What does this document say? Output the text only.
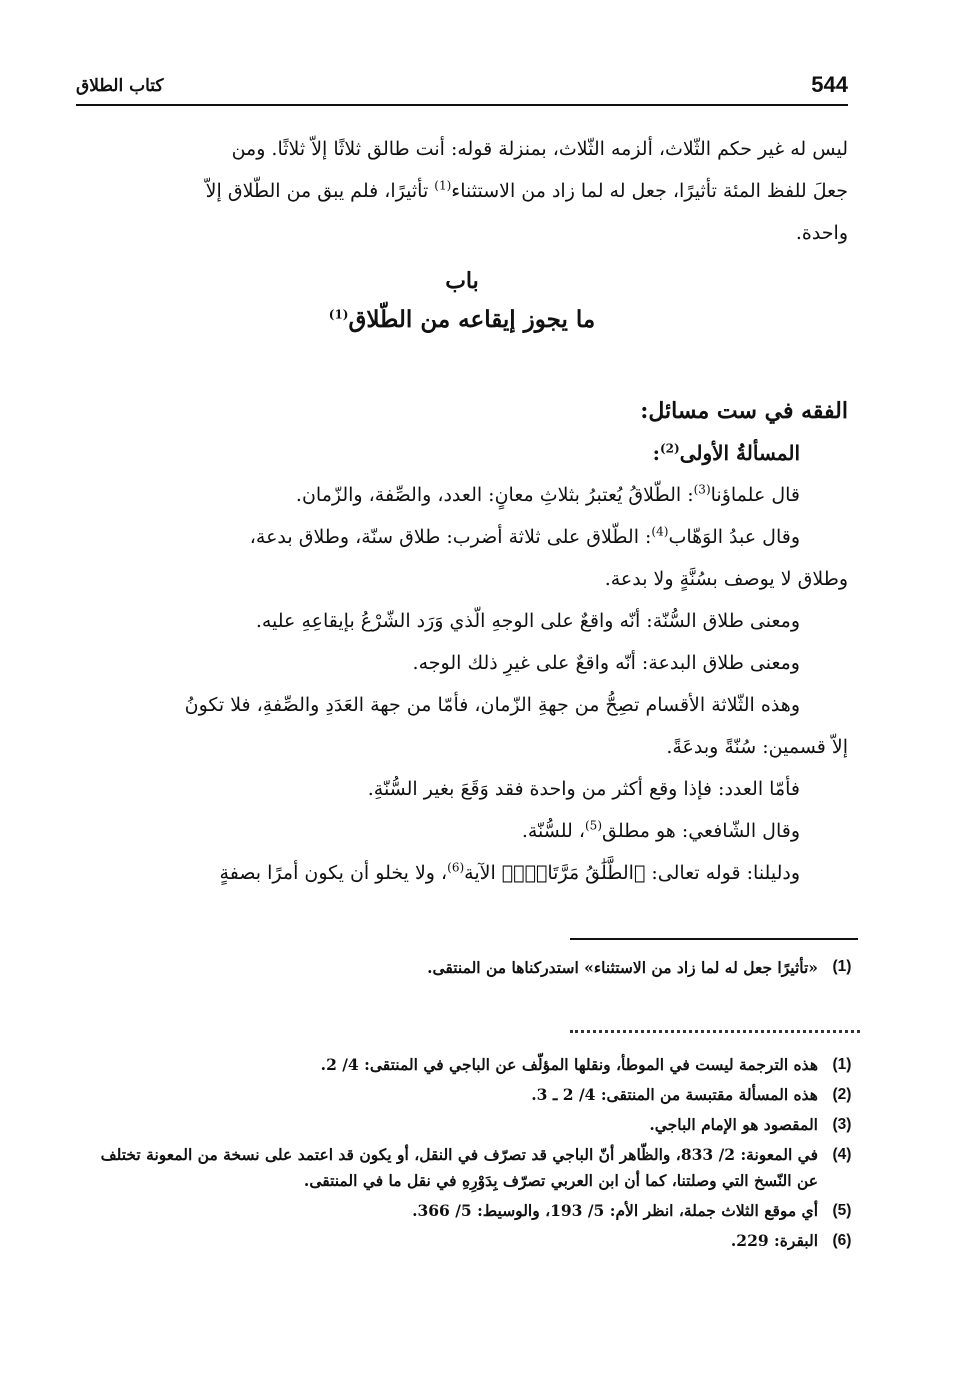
544
كتاب الطلاق

ليس له غير حكم الثّلاث، ألزمه الثّلاث، بمنزلة قوله: أنت طالق ثلاثًا إلاّ ثلاثًا. ومن

جعلَ للفظ المئة تأثيرًا، جعل له لما زاد من الاستثناء$^{(1)}$ تأثيرًا، فلم يبق من الطّلاق إلاّ

واحدة.

باب
ما يجوز إيقاعه من الطّلاق$^{(1)}$

الفقه في ست مسائل:

المسألةُ الأولى$^{(2)}$:

قال علماؤنا$^{(3)}$: الطّلاقُ يُعتبرُ بثلاثِ معانٍ: العدد، والصِّفة، والزّمان.

وقال عبدُ الوَهّاب$^{(4)}$: الطّلاق على ثلاثة أضرب: طلاق سنّة، وطلاق بدعة،

وطلاق لا يوصف بسُنَّةٍ ولا بدعة.

ومعنى طلاق السُّنّة: أنّه واقعٌ على الوجهِ الّذي وَرَد الشّرْعُ بإيقاعِهِ عليه.

ومعنى طلاق البدعة: أنّه واقعٌ على غيرِ ذلك الوجه.

وهذه الثّلاثة الأقسام تصِحُّ من جهةِ الزّمان، فأمّا من جهة العَدَدِ والصِّفةِ، فلا تكونُ

إلاّ قسمين: سُنّةً وبدعَةً.

فأمّا العدد: فإذا وقع أكثر من واحدة فقد وَقَعَ بغير السُّنّةِ.

وقال الشّافعي: هو مطلق$^{(5)}$، للسُّنّة.

ودليلنا: قوله تعالى: ﴿الطَّلَٰقُ مَرَّتَانِۖ﴾ الآية$^{(6)}$، ولا يخلو أن يكون أمرًا بصفةٍ

(1)
«تأثيرًا جعل له لما زاد من الاستثناء» استدركناها من المنتقى.
(1)
هذه الترجمة ليست في الموطأ، ونقلها المؤلّف عن الباجي في المنتقى: 4/ 2.
(2)
هذه المسألة مقتبسة من المنتقى: 4/ 2 ـ 3.
(3)
المقصود هو الإمام الباجي.
(4)
في المعونة: 2/ 833، والظّاهر أنّ الباجي قد تصرّف في النقل، أو يكون قد اعتمد على نسخة من المعونة تختلف عن النّسخ التي وصلتنا، كما أن ابن العربي تصرّف بِدَوْرِهِ في نقل ما في المنتقى.
(5)
أي موقع الثلاث جملة، انظر الأم: 5/ 193، والوسيط: 5/ 366.
(6)
البقرة: 229.
